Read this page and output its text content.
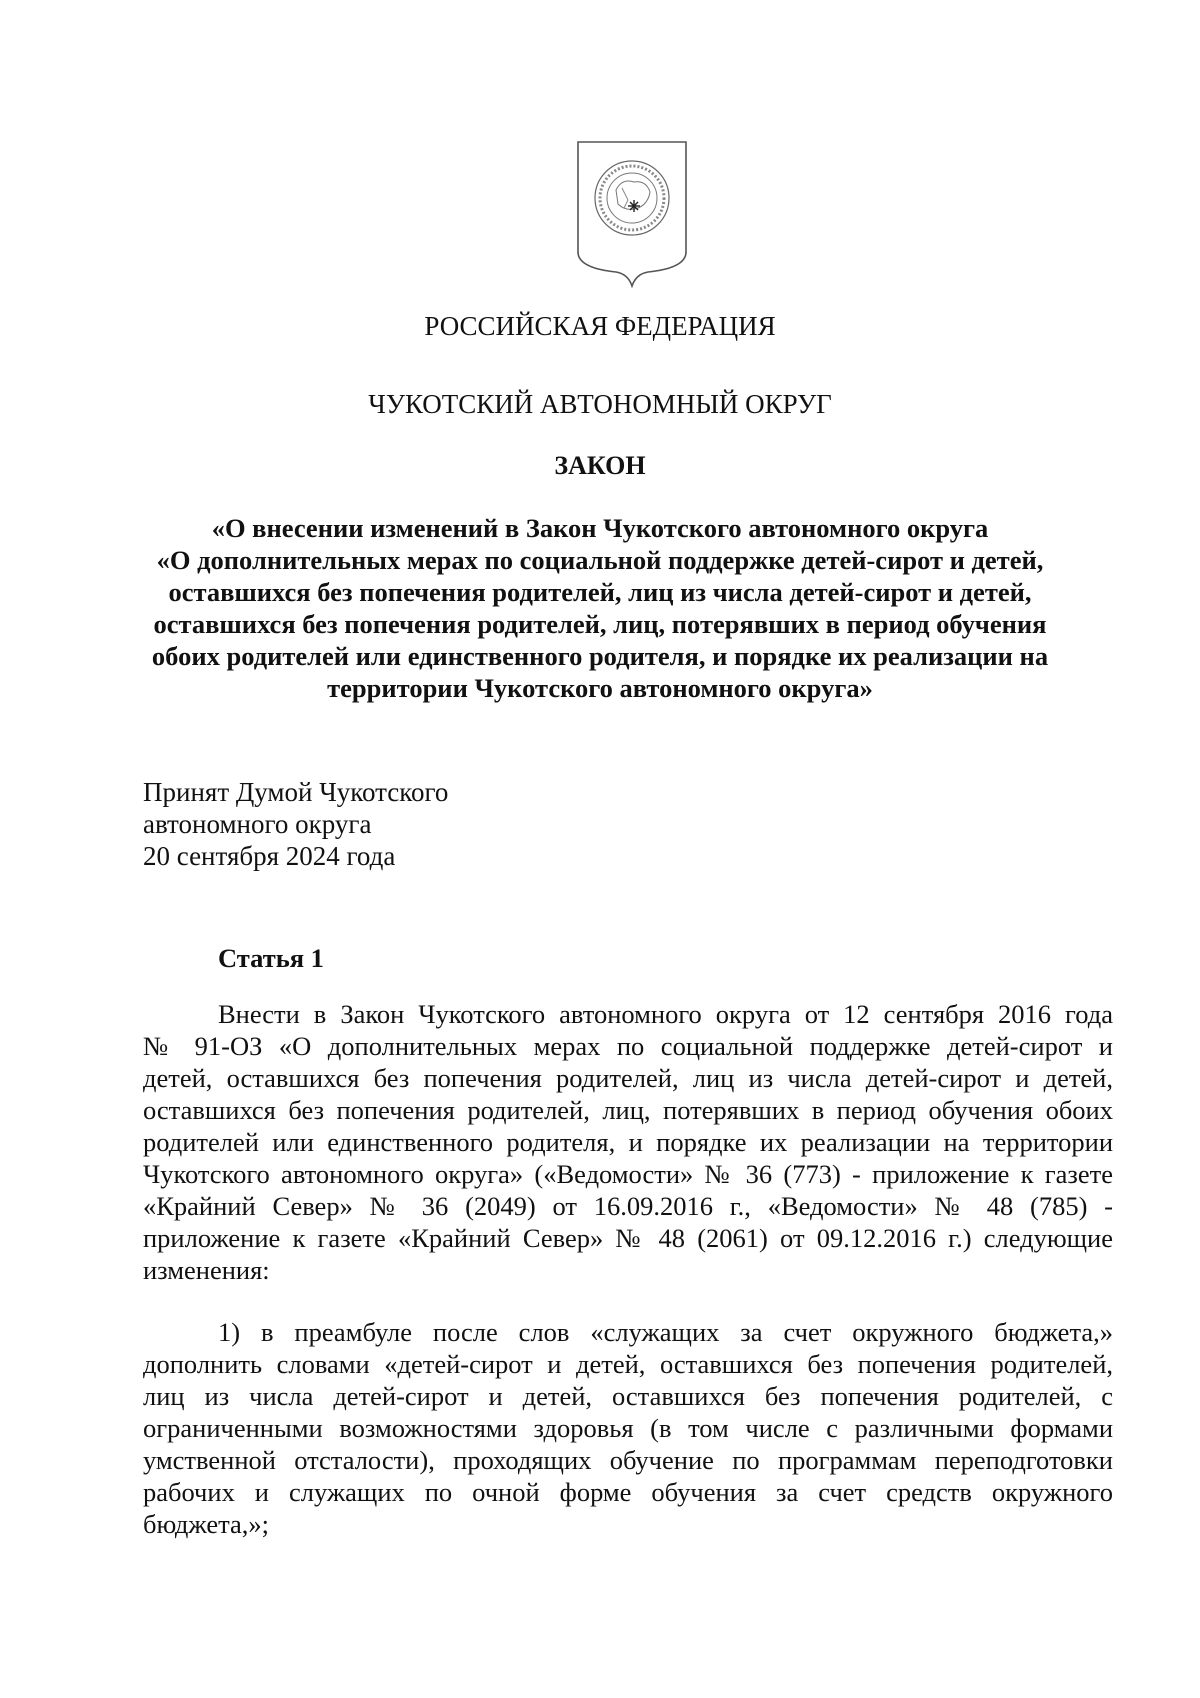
РОССИЙСКАЯ ФЕДЕРАЦИЯ
ЧУКОТСКИЙ АВТОНОМНЫЙ ОКРУГ
ЗАКОН
«О внесении изменений в Закон Чукотского автономного округа
«О дополнительных мерах по социальной поддержке детей-сирот и детей,
оставшихся без попечения родителей, лиц из числа детей-сирот и детей,
оставшихся без попечения родителей, лиц, потерявших в период обучения
обоих родителей или единственного родителя, и порядке их реализации на
территории Чукотского автономного округа»
Принят Думой Чукотского
автономного округа
20 сентября 2024 года
Статья 1
Внести в Закон Чукотского автономного округа от 12 сентября 2016 года
№ 91-ОЗ «О дополнительных мерах по социальной поддержке детей-сирот и
детей, оставшихся без попечения родителей, лиц из числа детей-сирот и детей,
оставшихся без попечения родителей, лиц, потерявших в период обучения обоих
родителей или единственного родителя, и порядке их реализации на территории
Чукотского автономного округа» («Ведомости» № 36 (773) - приложение к газете
«Крайний Север» № 36 (2049) от 16.09.2016 г., «Ведомости» № 48 (785) -
приложение к газете «Крайний Север» № 48 (2061) от 09.12.2016 г.) следующие
изменения:
1) в преамбуле после слов «служащих за счет окружного бюджета,»
дополнить словами «детей-сирот и детей, оставшихся без попечения родителей,
лиц из числа детей-сирот и детей, оставшихся без попечения родителей, с
ограниченными возможностями здоровья (в том числе с различными формами
умственной отсталости), проходящих обучение по программам переподготовки
рабочих и служащих по очной форме обучения за счет средств окружного
бюджета,»;
